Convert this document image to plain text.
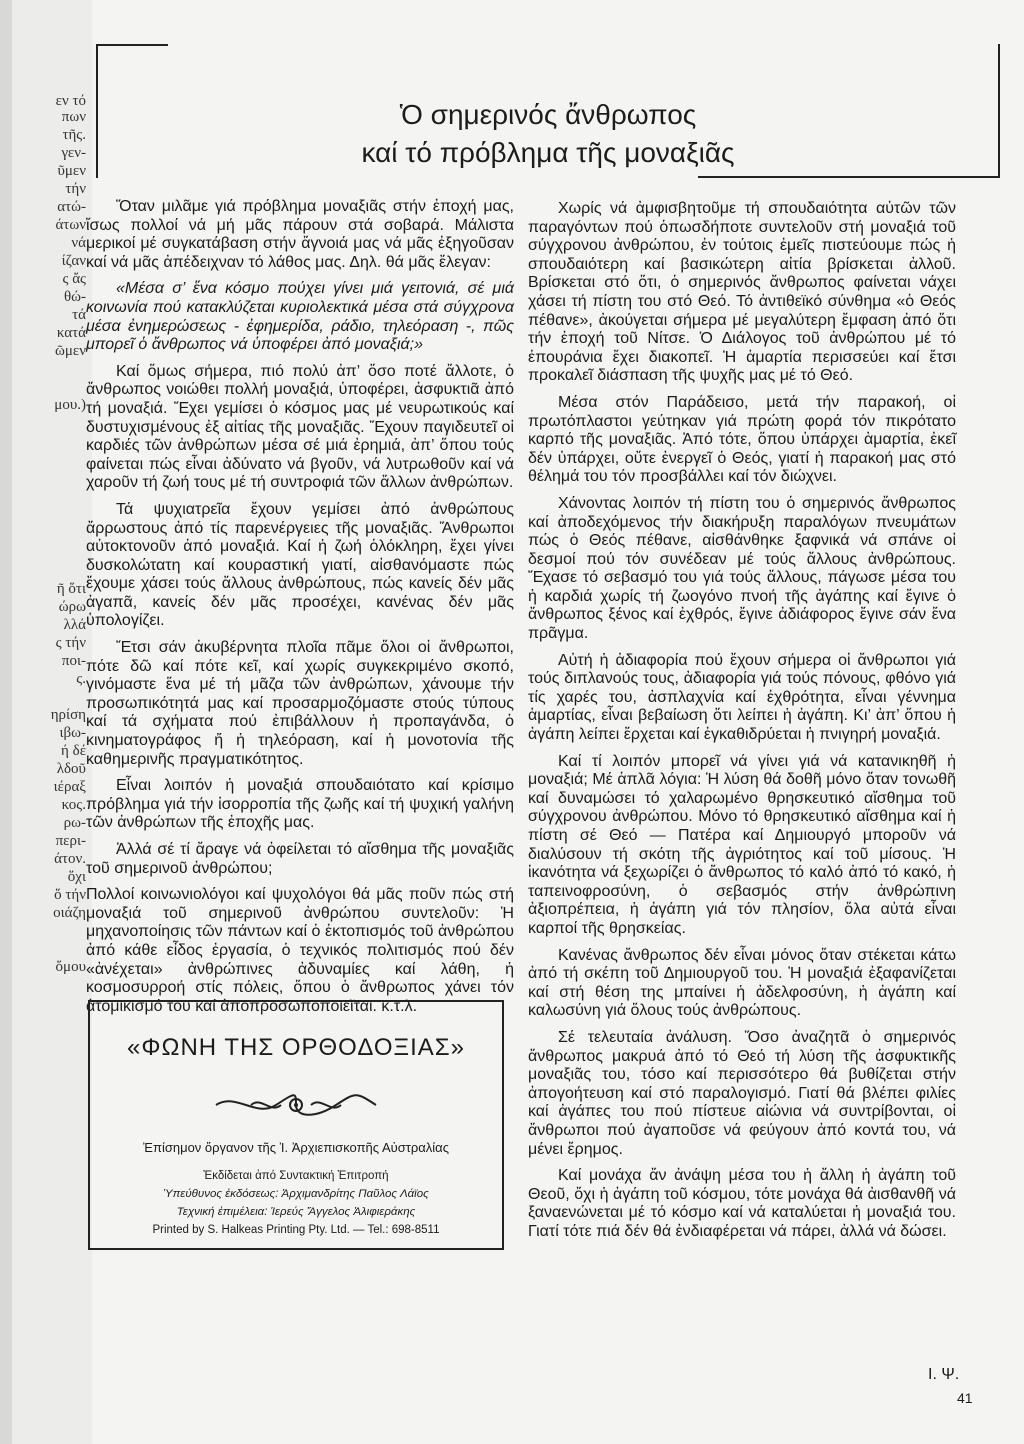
εν τό
πων
τῆς.
γεν-
ῦμεν
τήν
ατώ-
άτων
νά
ίζαν
ς ἄς
θώ-
τά
κατά
ῶμεν
μου.)
ῆ ὅτι
ώρω
λλά
ς τήν
ποι-
ς.
ηρίση
ιβω-
ή δέ
λδοῦ
ιέραξ
κος.
ρω-
περι-
άτον.
ὅχι
ὅ τήν
οιάζη
ὅμου
Ὁ σημερινός ἄνθρωπος
καί τό πρόβλημα τῆς μοναξιᾶς

Ὅταν μιλᾶμε γιά πρόβλημα μοναξιᾶς στήν ἐποχή μας, ἴσως πολλοί νά μή μᾶς πάρουν στά σοβαρά. Μάλιστα μερικοί μέ συγκατάβαση στήν ἄγνοιά μας νά μᾶς ἐξηγοῦσαν καί νά μᾶς ἀπέδειχναν τό λάθος μας. Δηλ. θά μᾶς ἔλεγαν:

«Μέσα σ’ ἕνα κόσμο πούχει γίνει μιά γειτονιά, σέ μιά κοινωνία πού κατακλύζεται κυριολεκτικά μέσα στά σύγχρονα μέσα ἐνημερώσεως - ἐφημερίδα, ράδιο, τηλεόραση -, πῶς μπορεῖ ὁ ἄνθρωπος νά ὑποφέρει ἀπό μοναξιά;»

Καί ὅμως σήμερα, πιό πολύ ἀπ’ ὅσο ποτέ ἄλλοτε, ὁ ἄνθρωπος νοιώθει πολλή μοναξιά, ὑποφέρει, ἀσφυκτιᾶ ἀπό τή μοναξιά. Ἔχει γεμίσει ὁ κόσμος μας μέ νευρωτικούς καί δυστυχισμένους ἐξ αἰτίας τῆς μοναξιᾶς. Ἔχουν παγιδευτεῖ οἱ καρδιές τῶν ἀνθρώπων μέσα σέ μιά ἐρημιά, ἀπ’ ὅπου τούς φαίνεται πώς εἶναι ἀδύνατο νά βγοῦν, νά λυτρωθοῦν καί νά χαροῦν τή ζωή τους μέ τή συντροφιά τῶν ἄλλων ἀνθρώπων.

Τά ψυχιατρεῖα ἔχουν γεμίσει ἀπό ἀνθρώπους ἄρρωστους ἀπό τίς παρενέργειες τῆς μοναξιᾶς. Ἄνθρωποι αὐτοκτονοῦν ἀπό μοναξιά. Καί ἡ ζωή ὁλόκληρη, ἔχει γίνει δυσκολώτατη καί κουραστική γιατί, αἰσθανόμαστε πώς ἔχουμε χάσει τούς ἄλλους ἀνθρώπους, πώς κανείς δέν μᾶς ἀγαπᾶ, κανείς δέν μᾶς προσέχει, κανένας δέν μᾶς ὑπολογίζει.

Ἔτσι σάν ἀκυβέρνητα πλοῖα πᾶμε ὅλοι οἱ ἄνθρωποι, πότε δῶ καί πότε κεῖ, καί χωρίς συγκεκριμένο σκοπό, γινόμαστε ἕνα μέ τή μᾶζα τῶν ἀνθρώπων, χάνουμε τήν προσωπικότητά μας καί προσαρμοζόμαστε στούς τύπους καί τά σχήματα πού ἐπιβάλλουν ἡ προπαγάνδα, ὁ κινηματογράφος ἤ ἡ τηλεόραση, καί ἡ μονοτονία τῆς καθημερινῆς πραγματικότητος.

Εἶναι λοιπόν ἡ μοναξιά σπουδαιότατο καί κρίσιμο πρόβλημα γιά τήν ἰσορροπία τῆς ζωῆς καί τή ψυχική γαλήνη τῶν ἀνθρώπων τῆς ἐποχῆς μας.

Ἀλλά σέ τί ἄραγε νά ὀφείλεται τό αἴσθημα τῆς μοναξιᾶς τοῦ σημερινοῦ ἀνθρώπου;

Πολλοί κοινωνιολόγοι καί ψυχολόγοι θά μᾶς ποῦν πώς στή μοναξιά τοῦ σημερινοῦ ἀνθρώπου συντελοῦν: Ἡ μηχανοποίησις τῶν πάντων καί ὁ ἐκτοπισμός τοῦ ἀνθρώπου ἀπό κάθε εἶδος ἐργασία, ὁ τεχνικός πολιτισμός πού δέν «ἀνέχεται» ἀνθρώπινες ἀδυναμίες καί λάθη, ἡ κοσμοσυρροή στίς πόλεις, ὅπου ὁ ἄνθρωπος χάνει τόν ἀτομικισμό του καί ἀποπροσωποποιεῖται. κ.τ.λ.

Χωρίς νά ἀμφισβητοῦμε τή σπουδαιότητα αὐτῶν τῶν παραγόντων πού ὁπωσδήποτε συντελοῦν στή μοναξιά τοῦ σύγχρονου ἀνθρώπου, ἐν τούτοις ἐμεῖς πιστεύουμε πώς ἡ σπουδαιότερη καί βασικώτερη αἰτία βρίσκεται ἀλλοῦ. Βρίσκεται στό ὅτι, ὁ σημερινός ἄνθρωπος φαίνεται νάχει χάσει τή πίστη του στό Θεό. Τό ἀντιθεϊκό σύνθημα «ὁ Θεός πέθανε», ἀκούγεται σήμερα μέ μεγαλύτερη ἔμφαση ἀπό ὅτι τήν ἐποχή τοῦ Νίτσε. Ὁ Διάλογος τοῦ ἀνθρώπου μέ τό ἐπουράνια ἔχει διακοπεῖ. Ἡ ἁμαρτία περισσεύει καί ἔτσι προκαλεῖ διάσπαση τῆς ψυχῆς μας μέ τό Θεό.

Μέσα στόν Παράδεισο, μετά τήν παρακοή, οἱ πρωτόπλαστοι γεύτηκαν γιά πρώτη φορά τόν πικρότατο καρπό τῆς μοναξιᾶς. Ἀπό τότε, ὅπου ὑπάρχει ἁμαρτία, ἐκεῖ δέν ὑπάρχει, οὔτε ἐνεργεῖ ὁ Θεός, γιατί ἡ παρακοή μας στό θέλημά του τόν προσβάλλει καί τόν διώχνει.

Χάνοντας λοιπόν τή πίστη του ὁ σημερινός ἄνθρωπος καί ἀποδεχόμενος τήν διακήρυξη παραλόγων πνευμάτων πώς ὁ Θεός πέθανε, αἰσθάνθηκε ξαφνικά νά σπάνε οἱ δεσμοί πού τόν συνέδεαν μέ τούς ἄλλους ἀνθρώπους. Ἔχασε τό σεβασμό του γιά τούς ἄλλους, πάγωσε μέσα του ἡ καρδιά χωρίς τή ζωογόνο πνοή τῆς ἀγάπης καί ἔγινε ὁ ἄνθρωπος ξένος καί ἐχθρός, ἔγινε ἀδιάφορος ἔγινε σάν ἕνα πρᾶγμα.

Αὐτή ἡ ἀδιαφορία πού ἔχουν σήμερα οἱ ἄνθρωποι γιά τούς διπλανούς τους, ἀδιαφορία γιά τούς πόνους, φθόνο γιά τίς χαρές του, ἀσπλαχνία καί ἐχθρότητα, εἶναι γέννημα ἁμαρτίας, εἶναι βεβαίωση ὅτι λείπει ἡ ἀγάπη. Κι’ ἀπ’ ὅπου ἡ ἀγάπη λείπει ἔρχεται καί ἐγκαθιδρύεται ἡ πνιγηρή μοναξιά.

Καί τί λοιπόν μπορεῖ νά γίνει γιά νά κατανικηθῆ ἡ μοναξιά; Μέ ἁπλᾶ λόγια: Ἡ λύση θά δοθῆ μόνο ὅταν τονωθῆ καί δυναμώσει τό χαλαρωμένο θρησκευτικό αἴσθημα τοῦ σύγχρονου ἀνθρώπου. Μόνο τό θρησκευτικό αἴσθημα καί ἡ πίστη σέ Θεό — Πατέρα καί Δημιουργό μποροῦν νά διαλύσουν τή σκότη τῆς ἀγριότητος καί τοῦ μίσους. Ἡ ἱκανότητα νά ξεχωρίζει ὁ ἄνθρωπος τό καλό ἀπό τό κακό, ἡ ταπεινοφροσύνη, ὁ σεβασμός στήν ἀνθρώπινη ἀξιοπρέπεια, ἡ ἀγάπη γιά τόν πλησίον, ὅλα αὐτά εἶναι καρποί τῆς θρησκείας.

Κανένας ἄνθρωπος δέν εἶναι μόνος ὅταν στέκεται κάτω ἀπό τή σκέπη τοῦ Δημιουργοῦ του. Ἡ μοναξιά ἐξαφανίζεται καί στή θέση της μπαίνει ἡ ἀδελφοσύνη, ἡ ἀγάπη καί καλωσύνη γιά ὅλους τούς ἀνθρώπους.

Σέ τελευταία ἀνάλυση. Ὅσο ἀναζητᾶ ὁ σημερινός ἄνθρωπος μακρυά ἀπό τό Θεό τή λύση τῆς ἀσφυκτικῆς μοναξιᾶς του, τόσο καί περισσότερο θά βυθίζεται στήν ἀπογοήτευση καί στό παραλογισμό. Γιατί θά βλέπει φιλίες καί ἀγάπες του πού πίστευε αἰώνια νά συντρίβονται, οἱ ἄνθρωποι πού ἀγαποῦσε νά φεύγουν ἀπό κοντά του, νά μένει ἔρημος.

Καί μονάχα ἄν ἀνάψη μέσα του ἡ ἄλλη ἡ ἀγάπη τοῦ Θεοῦ, ὄχι ἡ ἀγάπη τοῦ κόσμου, τότε μονάχα θά ἀισθανθῆ νά ξαναενώνεται μέ τό κόσμο καί νά καταλύεται ἡ μοναξιά του. Γιατί τότε πιά δέν θά ἐνδιαφέρεται νά πάρει, ἀλλά νά δώσει.

«ΦΩΝΗ ΤΗΣ ΟΡΘΟΔΟΞΙΑΣ»
Ἐπίσημον ὄργανον τῆς Ἰ. Ἀρχιεπισκοπῆς Αὐστραλίας
Ἐκδίδεται ἀπό Συντακτική Ἐπιτροπή
Ὑπεύθυνος ἐκδόσεως: Ἀρχιμανδρίτης Παῦλος Λάϊος
Τεχνική ἐπιμέλεια: Ἱερεύς Ἄγγελος Ἀλιφιεράκης
Printed by S. Halkeas Printing Pty. Ltd. — Tel.: 698-8511
Ι. Ψ.
41
